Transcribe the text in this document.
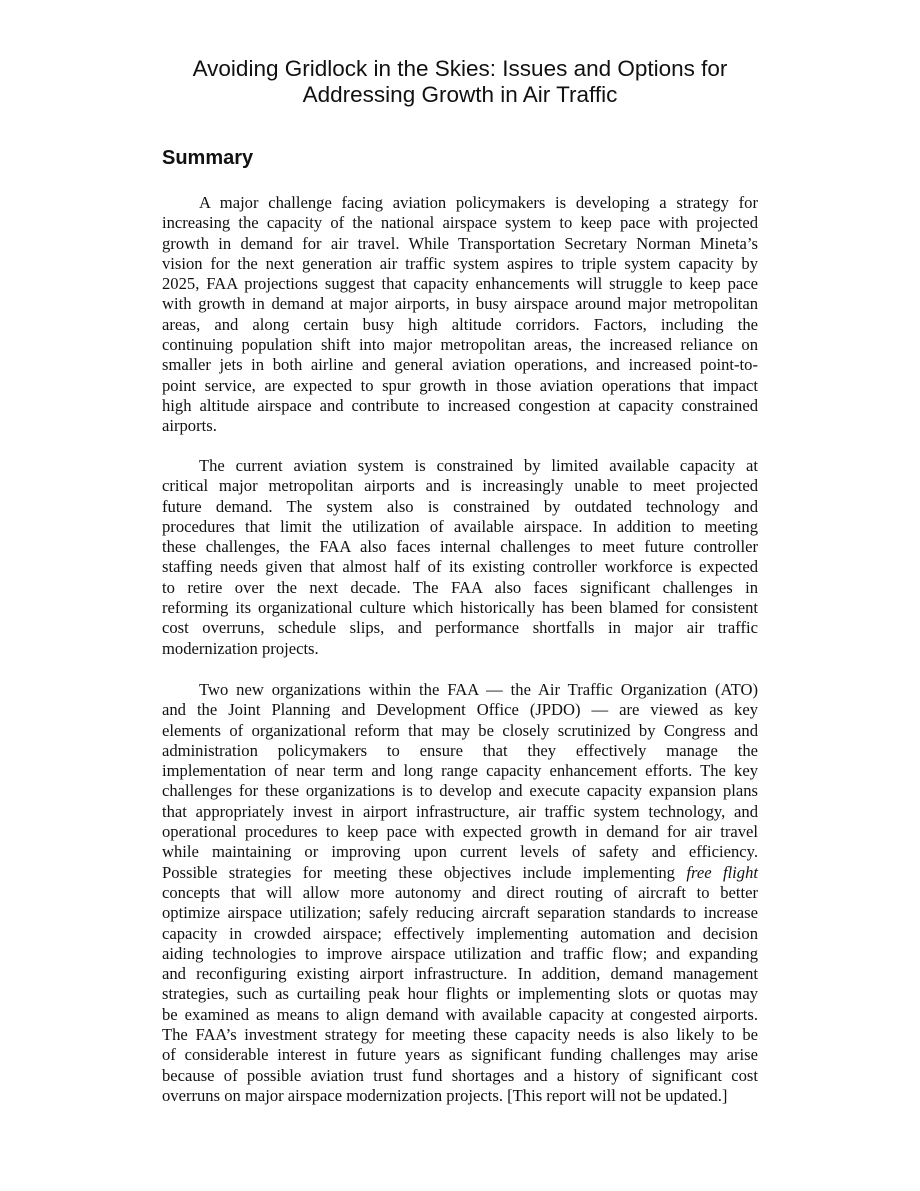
Avoiding Gridlock in the Skies: Issues and Options for
Addressing Growth in Air Traffic
Summary
A major challenge facing aviation policymakers is developing a strategy for
increasing the capacity of the national airspace system to keep pace with projected
growth in demand for air travel. While Transportation Secretary Norman Mineta’s
vision for the next generation air traffic system aspires to triple system capacity by
2025, FAA projections suggest that capacity enhancements will struggle to keep pace
with growth in demand at major airports, in busy airspace around major metropolitan
areas, and along certain busy high altitude corridors. Factors, including the
continuing population shift into major metropolitan areas, the increased reliance on
smaller jets in both airline and general aviation operations, and increased point-to-
point service, are expected to spur growth in those aviation operations that impact
high altitude airspace and contribute to increased congestion at capacity constrained
airports.
The current aviation system is constrained by limited available capacity at
critical major metropolitan airports and is increasingly unable to meet projected
future demand. The system also is constrained by outdated technology and
procedures that limit the utilization of available airspace. In addition to meeting
these challenges, the FAA also faces internal challenges to meet future controller
staffing needs given that almost half of its existing controller workforce is expected
to retire over the next decade. The FAA also faces significant challenges in
reforming its organizational culture which historically has been blamed for consistent
cost overruns, schedule slips, and performance shortfalls in major air traffic
modernization projects.
Two new organizations within the FAA — the Air Traffic Organization (ATO)
and the Joint Planning and Development Office (JPDO) — are viewed as key
elements of organizational reform that may be closely scrutinized by Congress and
administration policymakers to ensure that they effectively manage the
implementation of near term and long range capacity enhancement efforts. The key
challenges for these organizations is to develop and execute capacity expansion plans
that appropriately invest in airport infrastructure, air traffic system technology, and
operational procedures to keep pace with expected growth in demand for air travel
while maintaining or improving upon current levels of safety and efficiency.
Possible strategies for meeting these objectives include implementing free flight
concepts that will allow more autonomy and direct routing of aircraft to better
optimize airspace utilization; safely reducing aircraft separation standards to increase
capacity in crowded airspace; effectively implementing automation and decision
aiding technologies to improve airspace utilization and traffic flow; and expanding
and reconfiguring existing airport infrastructure. In addition, demand management
strategies, such as curtailing peak hour flights or implementing slots or quotas may
be examined as means to align demand with available capacity at congested airports.
The FAA’s investment strategy for meeting these capacity needs is also likely to be
of considerable interest in future years as significant funding challenges may arise
because of possible aviation trust fund shortages and a history of significant cost
overruns on major airspace modernization projects. [This report will not be updated.]
